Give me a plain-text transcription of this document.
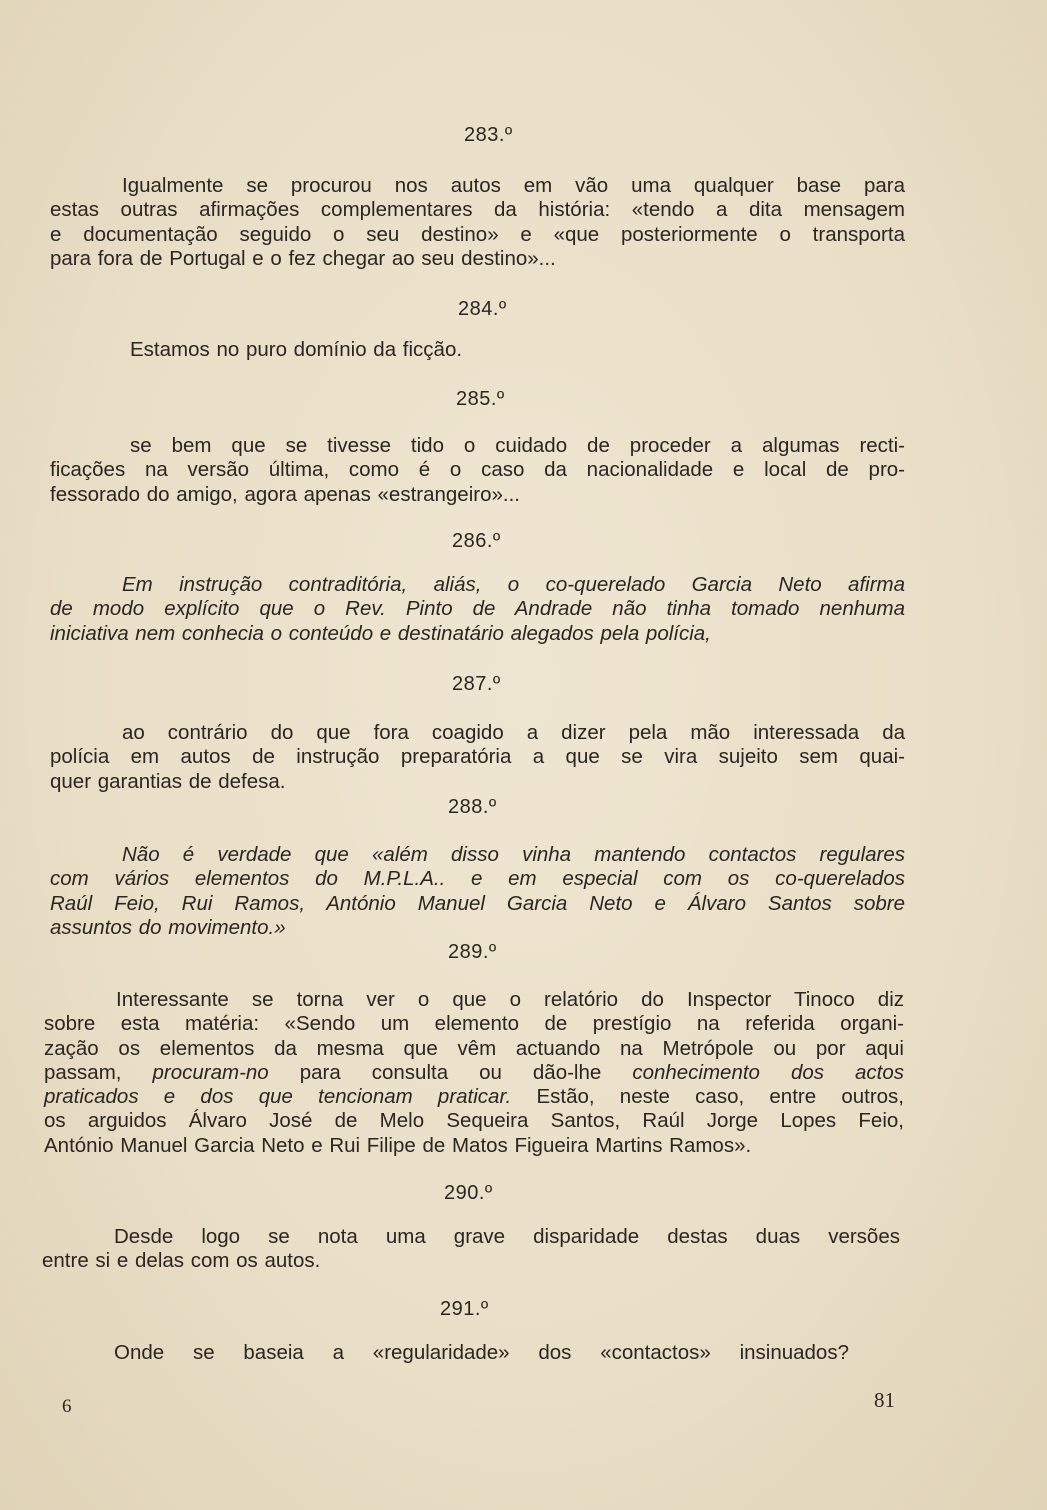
283.º
Igualmente se procurou nos autos em vão uma qualquer base para
estas outras afirmações complementares da história: «tendo a dita mensagem
e documentação seguido o seu destino» e «que posteriormente o transporta
para fora de Portugal e o fez chegar ao seu destino»...
284.º
Estamos no puro domínio da ficção.
285.º
se bem que se tivesse tido o cuidado de proceder a algumas recti-
ficações na versão última, como é o caso da nacionalidade e local de pro-
fessorado do amigo, agora apenas «estrangeiro»...
286.º
Em instrução contraditória, aliás, o co-querelado Garcia Neto afirma
de modo explícito que o Rev. Pinto de Andrade não tinha tomado nenhuma
iniciativa nem conhecia o conteúdo e destinatário alegados pela polícia,
287.º
ao contrário do que fora coagido a dizer pela mão interessada da
polícia em autos de instrução preparatória a que se vira sujeito sem quai-
quer garantias de defesa.
288.º
Não é verdade que «além disso vinha mantendo contactos regulares
com vários elementos do M.P.L.A.. e em especial com os co-querelados
Raúl Feio, Rui Ramos, António Manuel Garcia Neto e Álvaro Santos sobre
assuntos do movimento.»
289.º
Interessante se torna ver o que o relatório do Inspector Tinoco diz
sobre esta matéria: «Sendo um elemento de prestígio na referida organi-
zação os elementos da mesma que vêm actuando na Metrópole ou por aqui
passam, procuram-no para consulta ou dão-lhe conhecimento dos actos
praticados e dos que tencionam praticar. Estão, neste caso, entre outros,
os arguidos Álvaro José de Melo Sequeira Santos, Raúl Jorge Lopes Feio,
António Manuel Garcia Neto e Rui Filipe de Matos Figueira Martins Ramos».
290.º
Desde logo se nota uma grave disparidade destas duas versões
entre si e delas com os autos.
291.º
Onde se baseia a «regularidade» dos «contactos» insinuados?
6	81
